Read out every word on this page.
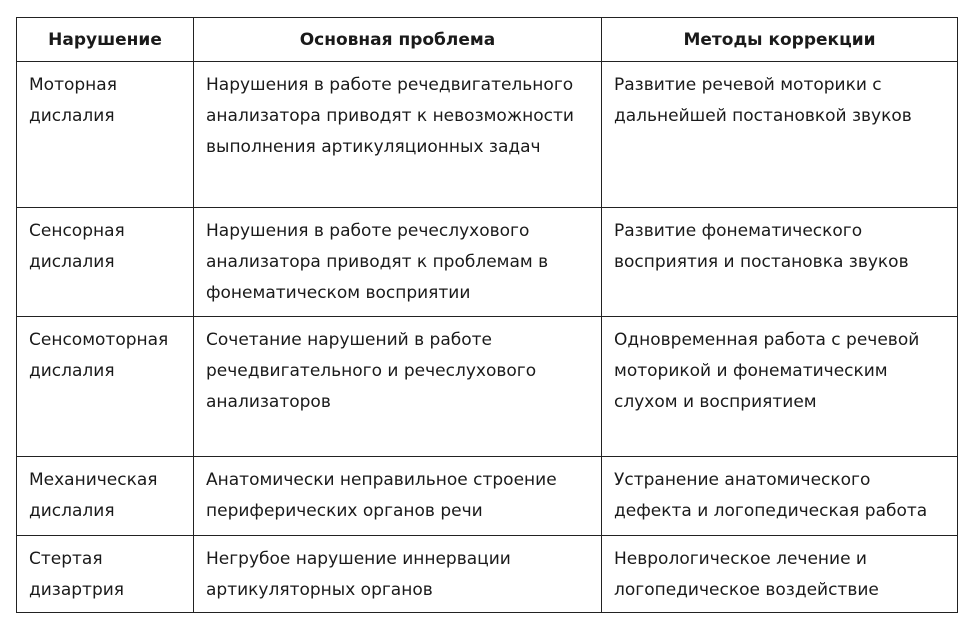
Нарушение	Основная проблема	Методы коррекции
Моторная дислалия	Нарушения в работе речедвигательного анализатора приводят к невозможности выполнения артикуляционных задач	Развитие речевой моторики с дальнейшей постановкой звуков
Сенсорная дислалия	Нарушения в работе речеслухового анализатора приводят к проблемам в фонематическом восприятии	Развитие фонематического восприятия и постановка звуков
Сенсомоторная дислалия	Сочетание нарушений в работе речедвигательного и речеслухового анализаторов	Одновременная работа с речевой моторикой и фонематическим слухом и восприятием
Механическая дислалия	Анатомически неправильное строение периферических органов речи	Устранение анатомического дефекта и логопедическая работа
Стертая дизартрия	Негрубое нарушение иннервации артикуляторных органов	Неврологическое лечение и логопедическое воздействие
